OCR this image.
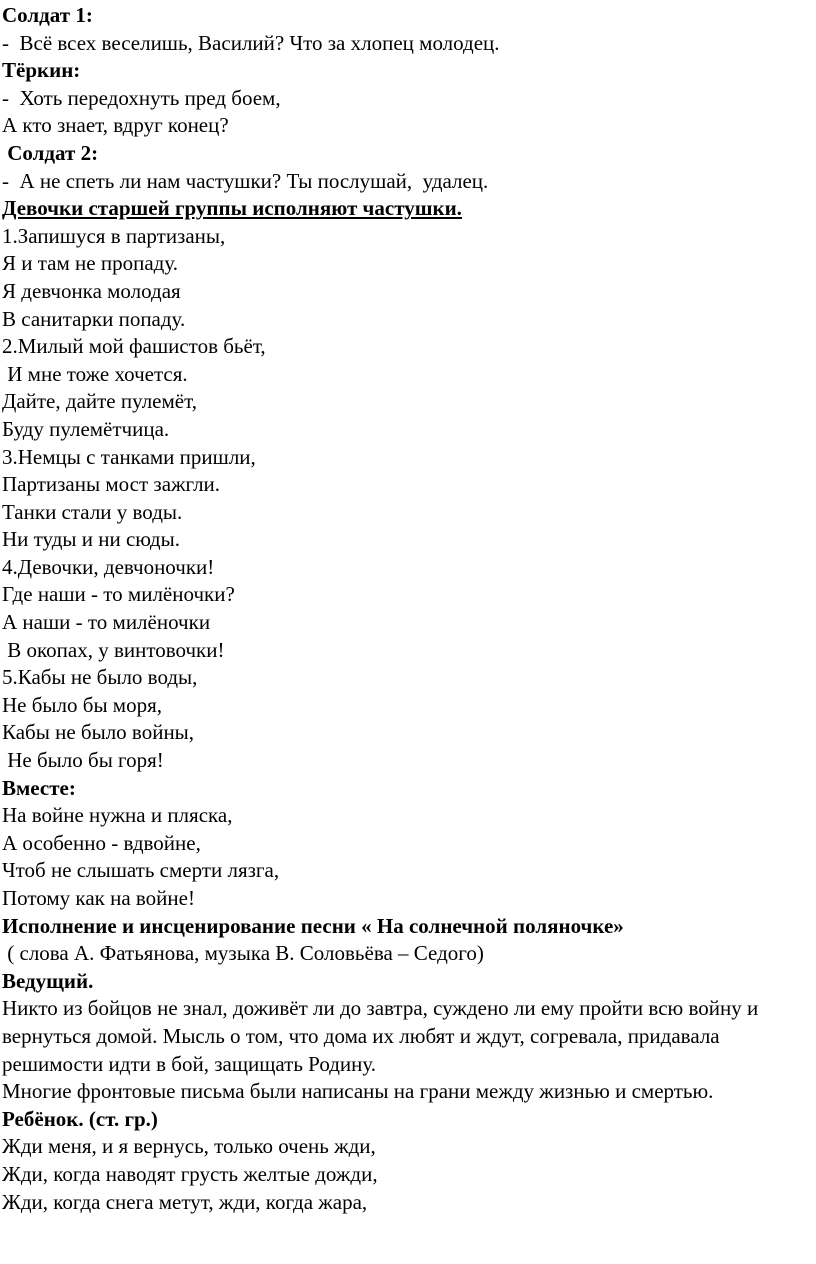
Солдат 1:
-  Всё всех веселишь, Василий? Что за хлопец молодец.
Тёркин:
-  Хоть передохнуть пред боем,
А кто знает, вдруг конец?
Солдат 2:
-  А не спеть ли нам частушки? Ты послушай,  удалец.
Девочки старшей группы исполняют частушки.
1.Запишуся в партизаны,
Я и там не пропаду.
Я девчонка молодая
В санитарки попаду.
2.Милый мой фашистов бьёт,
И мне тоже хочется.
Дайте, дайте пулемёт,
Буду пулемётчица.
3.Немцы с танками пришли,
Партизаны мост зажгли.
Танки стали у воды.
Ни туды и ни сюды.
4.Девочки, девчоночки!
Где наши - то милёночки?
А наши - то милёночки
В окопах, у винтовочки!
5.Кабы не было воды,
Не было бы моря,
Кабы не было войны,
Не было бы горя!
Вместе:
На войне нужна и пляска,
А особенно - вдвойне,
Чтоб не слышать смерти лязга,
Потому как на войне!
Исполнение и инсценирование песни « На солнечной поляночке»
( слова А. Фатьянова, музыка В. Соловьёва – Седого)
Ведущий.
Никто из бойцов не знал, доживёт ли до завтра, суждено ли ему пройти всю войну и вернуться домой. Мысль о том, что дома их любят и ждут, согревала, придавала решимости идти в бой, защищать Родину.
Многие фронтовые письма были написаны на грани между жизнью и смертью.
Ребёнок. (ст. гр.)
Жди меня, и я вернусь, только очень жди,
Жди, когда наводят грусть желтые дожди,
Жди, когда снега метут, жди, когда жара,
